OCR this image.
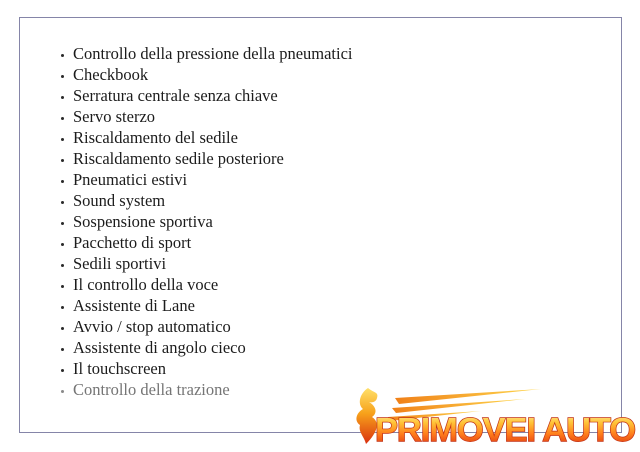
Controllo della pressione della pneumatici
Checkbook
Serratura centrale senza chiave
Servo sterzo
Riscaldamento del sedile
Riscaldamento sedile posteriore
Pneumatici estivi
Sound system
Sospensione sportiva
Pacchetto di sport
Sedili sportivi
Il controllo della voce
Assistente di Lane
Avvio / stop automatico
Assistente di angolo cieco
Il touchscreen
Controllo della trazione
PRIMOVEI AUTO
